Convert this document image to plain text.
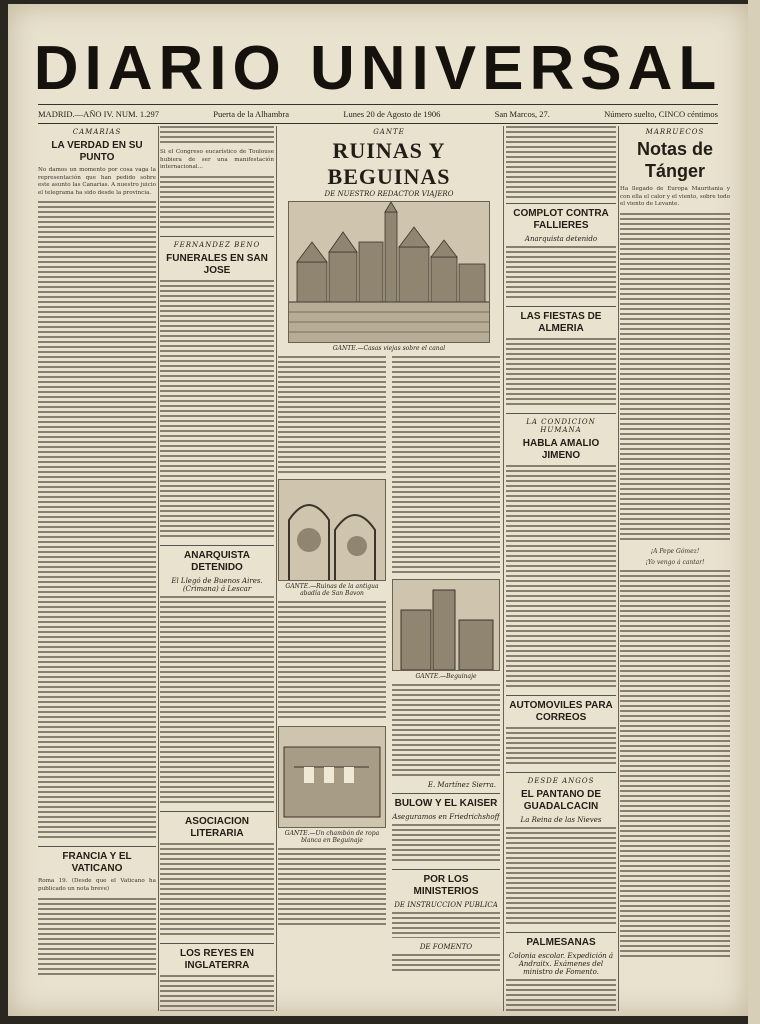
DIARIO UNIVERSAL
MADRID.—AÑO IV. NUM. 1.297	Puerta de la Alhambra	Lunes 20 de Agosto de 1906	San Marcos, 27.	Número suelto, CINCO céntimos
CAMARIAS
LA VERDAD EN SU PUNTO

No damos un momento por cosa vaga la representación que han pedido sobre este asunto las Canarias. A nuestro juicio el telegrama ha sido desde la provincia.

FRANCIA Y EL VATICANO

Roma 19. (Desde que el Vaticano ha publicado un nota breve)

Si el Congreso eucarístico de Toulouse hubiera de ser una manifestación internacional...

FERNANDEZ BENO
FUNERALES EN SAN JOSE
ANARQUISTA DETENIDO
El Llegó de Buenos Aires. (Crimana) á Lescar
ASOCIACION LITERARIA
LOS REYES EN INGLATERRA
GANTE
RUINAS Y BEGUINAS
DE NUESTRO REDACTOR VIAJERO
GANTE.—Casas viejas sobre el canal
GANTE.—Ruinas de la antigua abadía de San Bavon
GANTE.—Un chambón de ropa blanca en Beguinaje
GANTE.—Beguinaje
E. Martínez Sierra.
BULOW Y EL KAISER
Aseguramos en Friedrichshoff
POR LOS MINISTERIOS
DE INSTRUCCION PUBLICA
DE FOMENTO
COMPLOT CONTRA FALLIERES
Anarquista detenido
LAS FIESTAS DE ALMERIA
LA CONDICION HUMANA
HABLA AMALIO JIMENO
AUTOMOVILES PARA CORREOS
DESDE ANGOS
EL PANTANO DE GUADALCACIN
La Reina de las Nieves
PALMESANAS
Colonia escolar. Expedición á Andraitx. Exámenes del ministro de Fomento.
MARRUECOS
Notas de Tánger

Ha llegado de Europa Mauritania y con ella el calor y el viento, sobre todo el viento de Levante.

¡A Pepe Gómez!
¡Yo vengo á cantar!
